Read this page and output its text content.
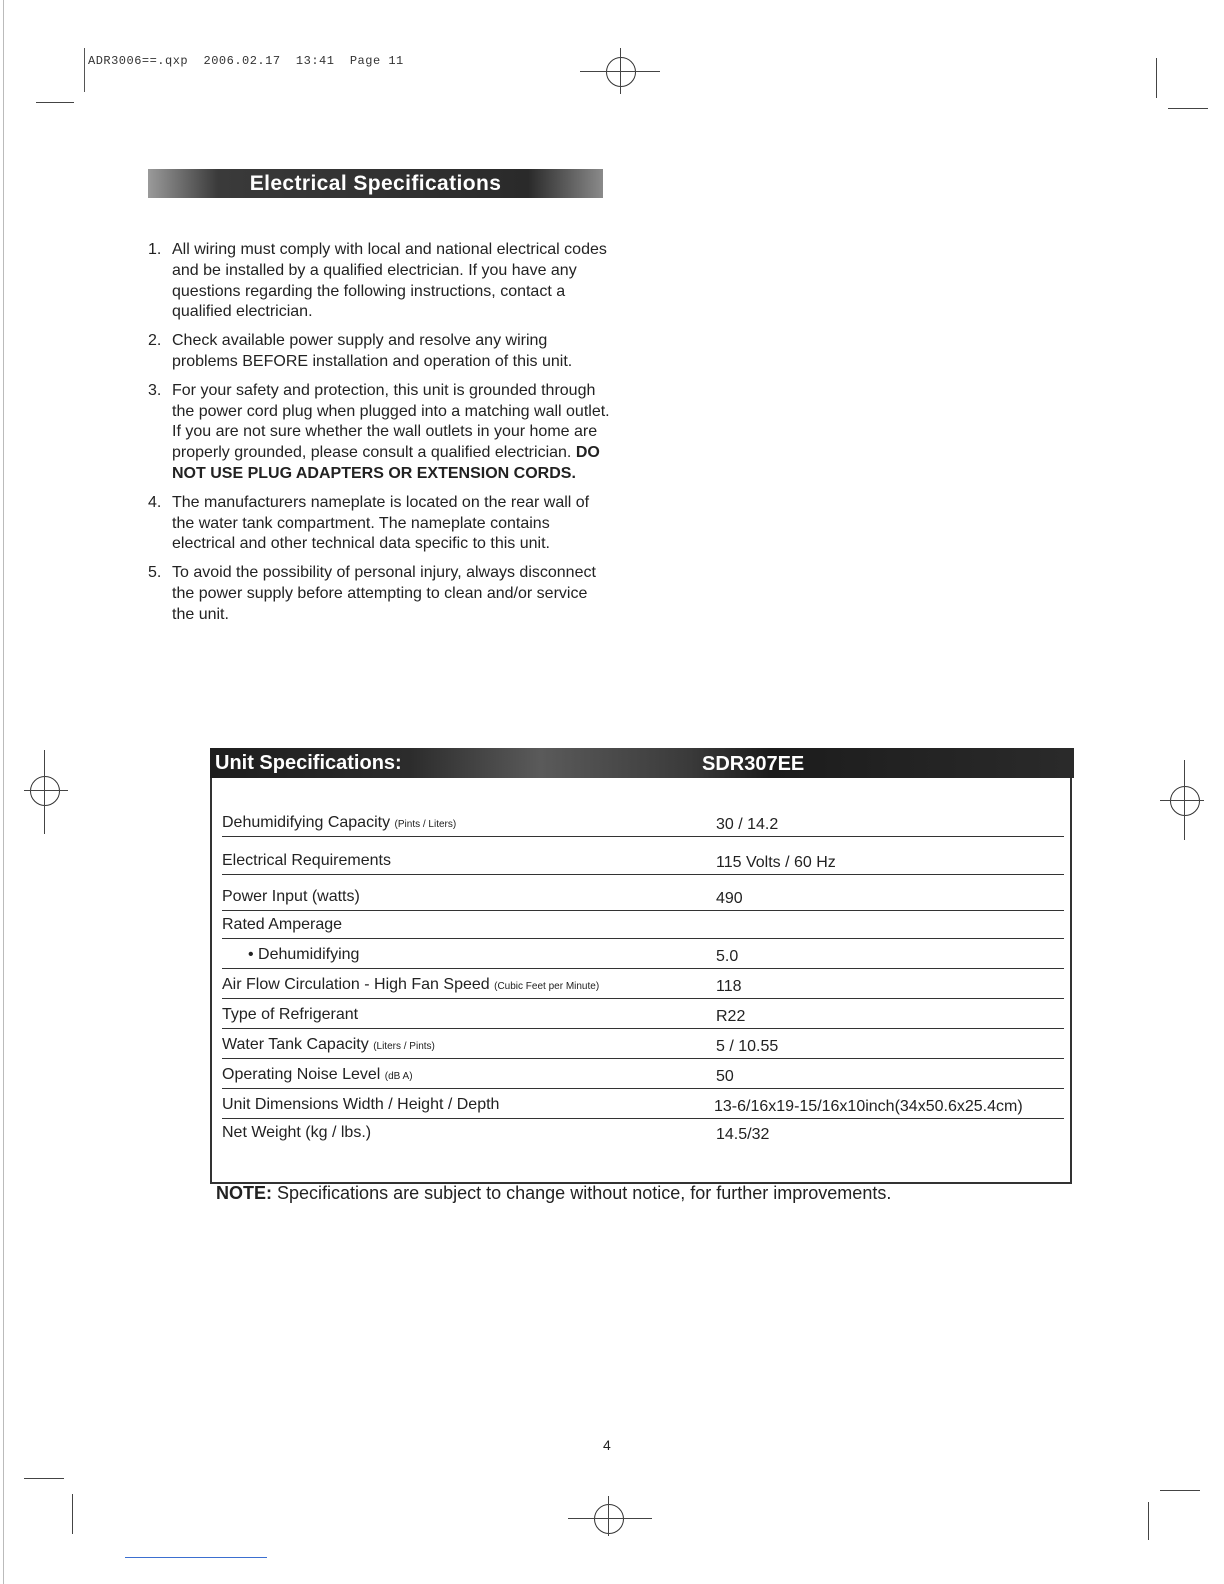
ADR3006==.qxp  2006.02.17  13:41  Page 11
Electrical Specifications
1. All wiring must comply with local and national electrical codes and be installed by a qualified electrician. If you have any questions regarding the following instructions, contact a qualified electrician.
2. Check available power supply and resolve any wiring problems BEFORE installation and operation of this unit.
3. For your safety and protection, this unit is grounded through the power cord plug when plugged into a matching wall outlet. If you are not sure whether the wall outlets in your home are properly grounded, please consult a qualified electrician. DO NOT USE PLUG ADAPTERS OR EXTENSION CORDS.
4. The manufacturers nameplate is located on the rear wall of the water tank compartment. The nameplate contains electrical and other technical data specific to this unit.
5. To avoid the possibility of personal injury, always disconnect the power supply before attempting to clean and/or service the unit.
Unit Specifications:	SDR307EE
Dehumidifying Capacity (Pints / Liters)	30 / 14.2
Electrical Requirements	115 Volts / 60 Hz
Power Input (watts)	490
Rated Amperage
• Dehumidifying	5.0
Air Flow Circulation - High Fan Speed (Cubic Feet per Minute)	118
Type of Refrigerant	R22
Water Tank Capacity (Liters / Pints)	5 / 10.55
Operating Noise Level (dB A)	50
Unit Dimensions Width / Height / Depth	13-6/16x19-15/16x10inch(34x50.6x25.4cm)
Net Weight (kg / lbs.)	14.5/32
NOTE: Specifications are subject to change without notice, for further improvements.
4
